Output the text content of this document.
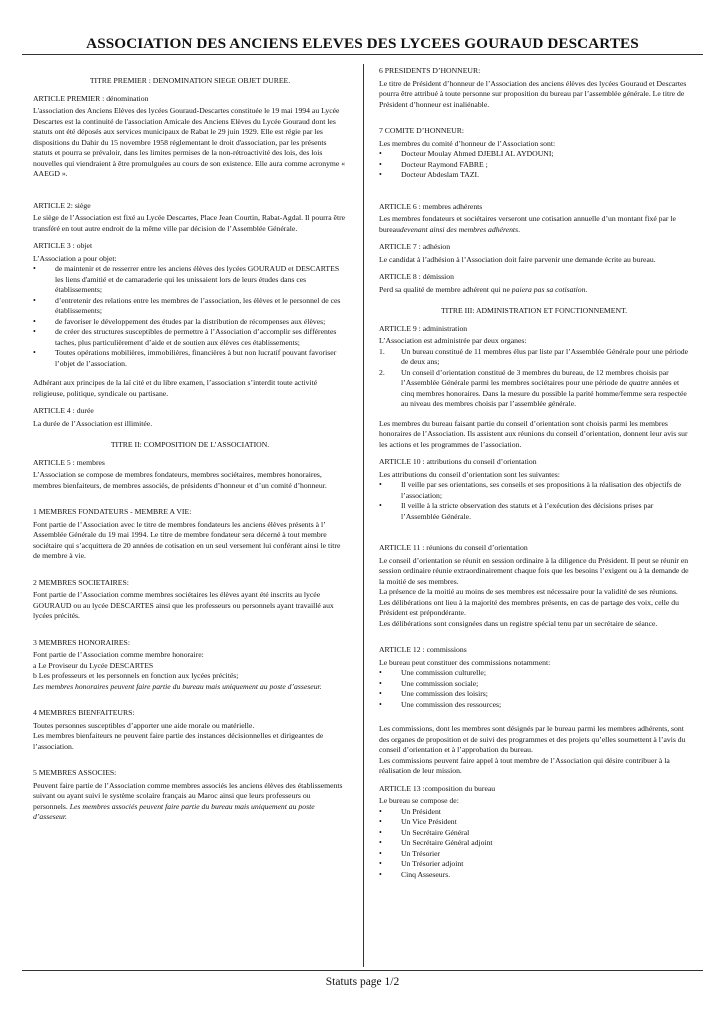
ASSOCIATION DES ANCIENS ELEVES DES LYCEES GOURAUD DESCARTES

TITRE PREMIER : DENOMINATION SIEGE OBJET DUREE.

ARTICLE PREMIER : dénomination

L'association des Anciens Elèves des lycées Gouraud-Descartes constituée le 19 mai 1994 au Lycée Descartes est la continuité de l'association Amicale des Anciens Elèves du Lycée Gouraud dont les statuts ont été déposés aux services municipaux de Rabat le 29 juin 1929. Elle est régie par les dispositions du Dahir du 15 novembre 1958 réglementant le droit d'association, par les présents statuts et pourra se prévaloir, dans les limites permises de la non-rétroactivité des lois, des lois nouvelles qui viendraient à être promulguées au cours de son existence. Elle aura comme acronyme « AAEGD ».

ARTICLE 2: siège

Le siège de l’Association est fixé au Lycée Descartes, Place Jean Courtin, Rabat-Agdal. Il pourra être transféré en tout autre endroit de la même ville par décision de l’Assemblée Générale.

ARTICLE 3 : objet

L’Association a pour objet:

• de maintenir et de resserrer entre les anciens élèves des lycées GOURAUD et DESCARTES les liens d'amitié et de camaraderie qui les unissaient lors de leurs études dans ces établissements;
• d’entretenir des relations entre les membres de l’association, les élèves et le personnel de ces établissements;
• de favoriser le développement des études par la distribution de récompenses aux élèves;
• de créer des structures susceptibles de permettre à l’Association d’accomplir ses différentes taches, plus particulièrement d’aide et de soutien aux élèves ces établissements;
• Toutes opérations mobilières, immobilières, financières à but non lucratif pouvant favoriser l’objet de l’association.

Adhérant aux principes de la laï cité et du libre examen, l’association s’interdit toute activité religieuse, politique, syndicale ou partisane.

ARTICLE 4 : durée

La durée de l’Association est illimitée.

TITRE II: COMPOSITION DE L’ASSOCIATION.

ARTICLE 5 : membres

L’Association se compose de membres fondateurs, membres sociétaires, membres honoraires, membres bienfaiteurs, de membres associés, de présidents d’honneur et d’un comité d’honneur.

1 MEMBRES FONDATEURS - MEMBRE A VIE:

Font partie de l’Association avec le titre de membres fondateurs les anciens élèves présents à l’ Assemblée Générale du 19 mai 1994. Le titre de membre fondateur sera décerné à tout membre sociétaire qui s’acquittera de 20 années de cotisation en un seul versement lui conférant ainsi le titre de membre à vie.

2 MEMBRES SOCIETAIRES:

Font partie de l’Association comme membres sociétaires les élèves ayant été inscrits au lycée GOURAUD ou au lycée DESCARTES ainsi que les professeurs ou personnels ayant travaillé aux lycées précités.

3 MEMBRES HONORAIRES:

Font partie de l’Association comme membre honoraire:

a Le Proviseur du Lycée DESCARTES

b Les professeurs et les personnels en fonction aux lycées précités;

Les membres honoraires peuvent faire partie du bureau mais uniquement au poste d’asseseur.

4 MEMBRES BIENFAITEURS:

Toutes personnes susceptibles d’apporter une aide morale ou matérielle.
Les membres bienfaiteurs ne peuvent faire partie des instances décisionnelles et dirigeantes de l’association.

5 MEMBRES ASSOCIES:

Peuvent faire partie de l’Association comme membres associés les anciens élèves des établissements suivant ou ayant suivi le système scolaire français au Maroc ainsi que leurs professeurs ou personnels. Les membres associés peuvent faire partie du bureau mais uniquement au poste d’asseseur.

6 PRESIDENTS D’HONNEUR:

Le titre de Président d’honneur de l’Association des anciens élèves des lycées Gouraud et Descartes pourra être attribué à toute personne sur proposition du bureau par l’assemblée générale. Le titre de Président d’honneur est inaliénable.

7 COMITE D’HONNEUR:

Les membres du comité d’honneur de l’Association sont:

• Docteur Moulay Ahmed DJEBLI AL AYDOUNI;
• Docteur Raymond FABRE ;
• Docteur Abdeslam TAZI.

ARTICLE 6 : membres adhérents

Les membres fondateurs et sociétaires verseront une cotisation annuelle d’un montant fixé par le bureaudevenant ainsi des membres adhérents.

ARTICLE 7 : adhésion

Le candidat à l’adhésion à l’Association doit faire parvenir une demande écrite au bureau.

ARTICLE 8 : démission

Perd sa qualité de membre adhérent qui ne paiera pas sa cotisation.

TITRE III: ADMINISTRATION ET FONCTIONNEMENT.

ARTICLE 9 : administration

L’Association est administrée par deux organes:

1. Un bureau constitué de 11 membres élus par liste par l’Assemblée Générale pour une période de deux ans;
2. Un conseil d’orientation constitué de 3 membres du bureau, de 12 membres choisis par l’Assemblée Générale parmi les membres sociétaires pour une période de quatre années et cinq membres honoraires. Dans la mesure du possible la parité homme/femme sera respectée au niveau des membres choisis par l’assemblée générale.

Les membres du bureau faisant partie du conseil d’orientation sont choisis parmi les membres honoraires de l’Association. Ils assistent aux réunions du conseil d’orientation, donnent leur avis sur les actions et les programmes de l’association.

ARTICLE 10 : attributions du conseil d’orientation

Les attributions du conseil d’orientation sont les suivantes:

• Il veille par ses orientations, ses conseils et ses propositions à la réalisation des objectifs de l’association;
• Il veille à la stricte observation des statuts et à l’exécution des décisions prises par l’Assemblée Générale.

ARTICLE 11 : réunions du conseil d’orientation

Le conseil d’orientation se réunit en session ordinaire à la diligence du Président. Il peut se réunir en session ordinaire réunie extraordinairement chaque fois que les besoins l’exigent ou à la demande de la moitié de ses membres.
La présence de la moitié au moins de ses membres est nécessaire pour la validité de ses réunions.
Les délibérations ont lieu à la majorité des membres présents, en cas de partage des voix, celle du Président est prépondérante.
Les délibérations sont consignées dans un registre spécial tenu par un secrétaire de séance.

ARTICLE 12 : commissions

Le bureau peut constituer des commissions notamment:

• Une commission culturelle;
• Une commission sociale;
• Une commission des loisirs;
• Une commission des ressources;

Les commissions, dont les membres sont désignés par le bureau parmi les membres adhérents, sont des organes de proposition et de suivi des programmes et des projets qu’elles soumettent à l’avis du conseil d’orientation et à l’approbation du bureau.
Les commissions peuvent faire appel à tout membre de l’Association qui désire contribuer à la réalisation de leur mission.

ARTICLE 13 :composition du bureau

Le bureau se compose de:

• Un Président
• Un Vice Président
• Un Secrétaire Général
• Un Secrétaire Général adjoint
• Un Trésorier
• Un Trésorier adjoint
• Cinq Asseseurs.
Statuts page 1/2
